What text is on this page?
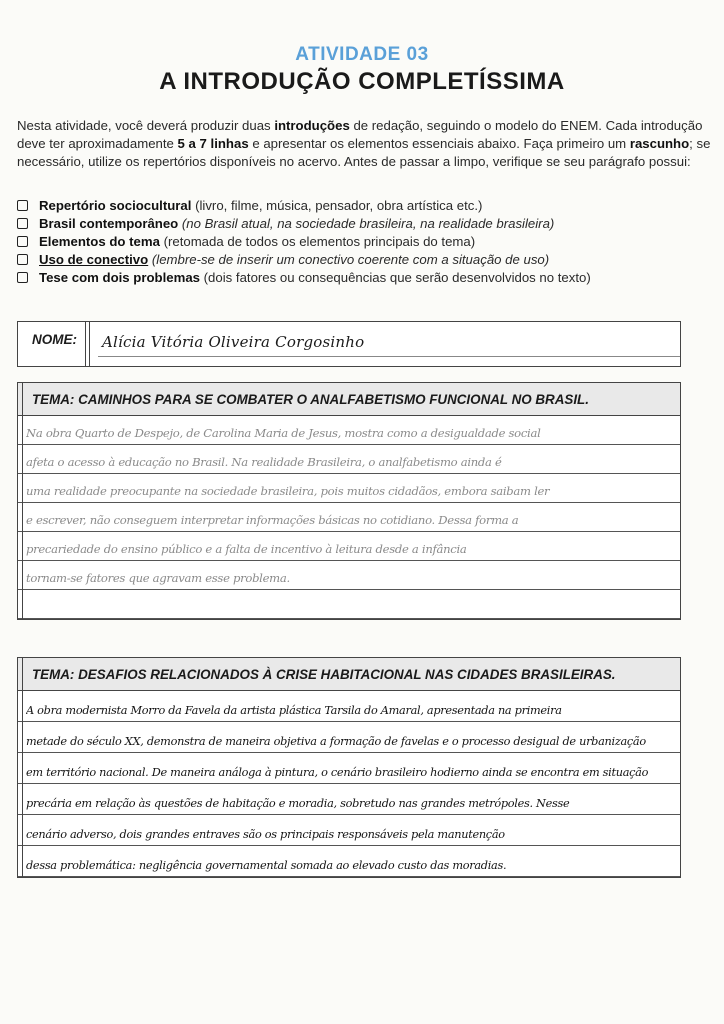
ATIVIDADE 03
A INTRODUÇÃO COMPLETÍSSIMA
Nesta atividade, você deverá produzir duas introduções de redação, seguindo o modelo do ENEM. Cada introdução deve ter aproximadamente 5 a 7 linhas e apresentar os elementos essenciais abaixo. Faça primeiro um rascunho; se necessário, utilize os repertórios disponíveis no acervo. Antes de passar a limpo, verifique se seu parágrafo possui:
Repertório sociocultural (livro, filme, música, pensador, obra artística etc.)
Brasil contemporâneo (no Brasil atual, na sociedade brasileira, na realidade brasileira)
Elementos do tema (retomada de todos os elementos principais do tema)
Uso de conectivo (lembre-se de inserir um conectivo coerente com a situação de uso)
Tese com dois problemas (dois fatores ou consequências que serão desenvolvidos no texto)
NOME:	Alícia Vitória Oliveira Corgosinho
TEMA: CAMINHOS PARA SE COMBATER O ANALFABETISMO FUNCIONAL NO BRASIL.
Na obra Quarto de Despejo, de Carolina Maria de Jesus, mostra como a desigualdade social
afeta o acesso à educação no Brasil. Na realidade Brasileira, o analfabetismo ainda é
uma realidade preocupante na sociedade brasileira, pois muitos cidadãos, embora saibam ler
e escrever, não conseguem interpretar informações básicas no cotidiano. Dessa forma a
precariedade do ensino público e a falta de incentivo à leitura desde a infância
tornam-se fatores que agravam esse problema.
TEMA: DESAFIOS RELACIONADOS À CRISE HABITACIONAL NAS CIDADES BRASILEIRAS.
A obra modernista Morro da Favela da artista plástica Tarsila do Amaral, apresentada na primeira
metade do século XX, demonstra de maneira objetiva a formação de favelas e o processo desigual de urbanização
em território nacional. De maneira análoga à pintura, o cenário brasileiro hodierno ainda se encontra em situação
precária em relação às questões de habitação e moradia, sobretudo nas grandes metrópoles. Nesse
cenário adverso, dois grandes entraves são os principais responsáveis pela manutenção
dessa problemática: negligência governamental somada ao elevado custo das moradias.
